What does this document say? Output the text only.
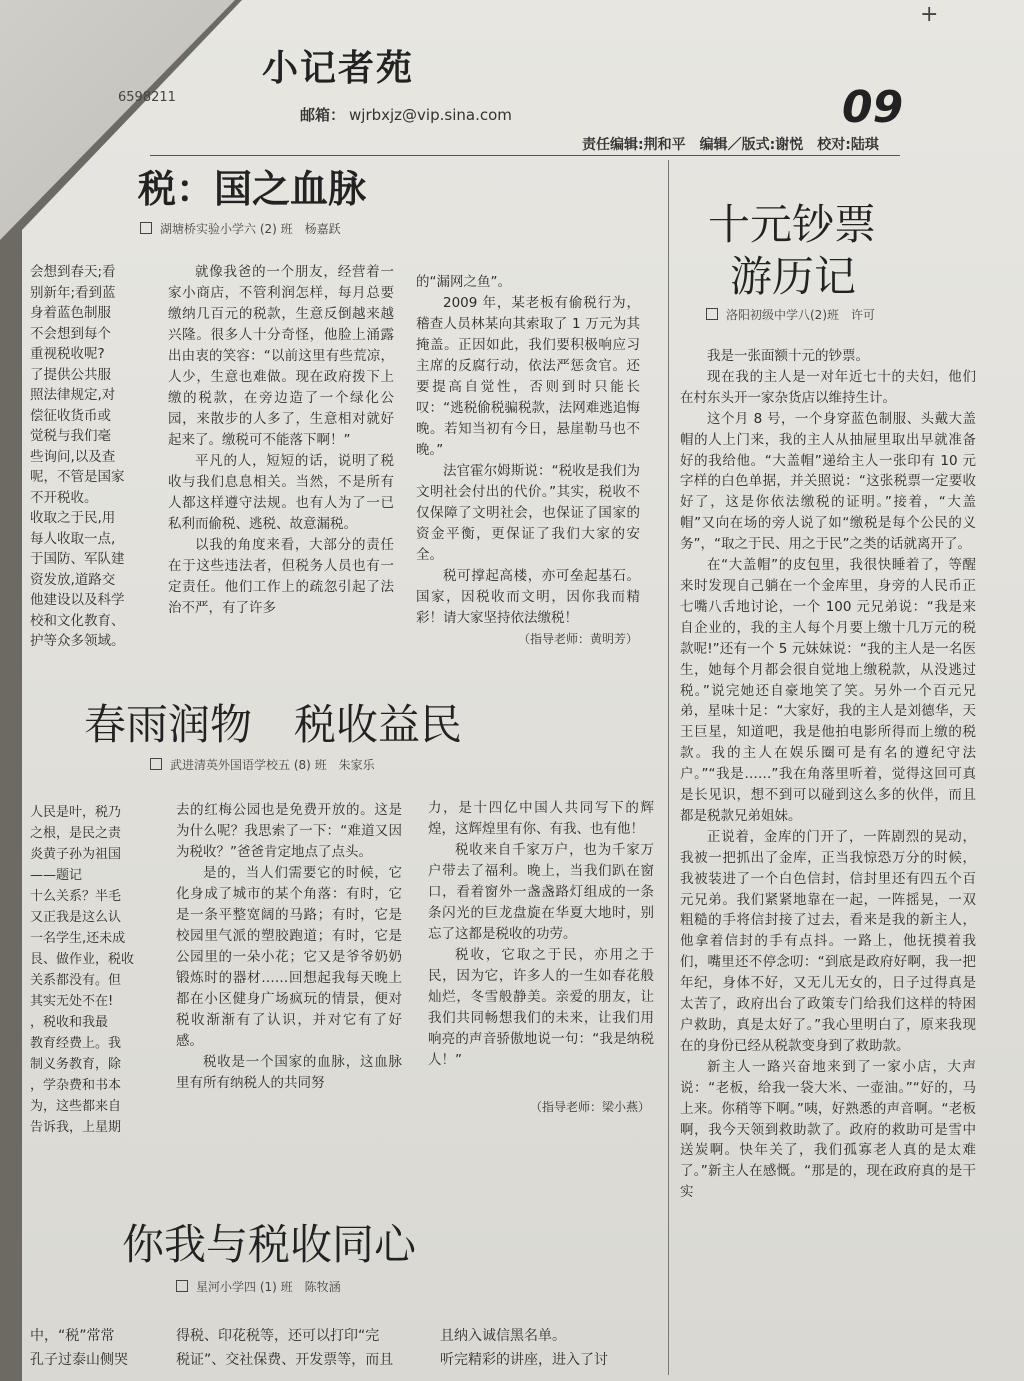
+
小记者苑
6598211
邮箱： wjrbxjz@vip.sina.com	09
责任编辑:荆和平 编辑／版式:谢悦 校对:陆琪
税：国之血脉
湖塘桥实验小学六 (2) 班　杨嘉跃
会想到春天;看
别新年;看到蓝
身着蓝色制服
不会想到每个
重视税收呢?
了提供公共服
照法律规定,对
偿征收货币或
觉税与我们毫
些询问,以及查
呢，不管是国家
不开税收。
收取之于民,用
每人收取一点,
于国防、军队建
资发放,道路交
他建设以及科学
校和文化教育、
护等众多领域。

就像我爸的一个朋友，经营着一家小商店，不管利润怎样，每月总要缴纳几百元的税款，生意反倒越来越兴隆。很多人十分奇怪，他脸上涌露出由衷的笑容：“以前这里有些荒凉，人少，生意也难做。现在政府拨下上缴的税款，在旁边造了一个绿化公园，来散步的人多了，生意相对就好起来了。缴税可不能落下啊！”

平凡的人，短短的话，说明了税收与我们息息相关。当然，不是所有人都这样遵守法规。也有人为了一已私利而偷税、逃税、故意漏税。

以我的角度来看，大部分的责任在于这些违法者，但税务人员也有一定责任。他们工作上的疏忽引起了法治不严，有了许多

的“漏网之鱼”。

2009 年，某老板有偷税行为，稽查人员林某向其索取了 1 万元为其掩盖。正因如此，我们要积极响应习主席的反腐行动，依法严惩贪官。还要提高自觉性，否则到时只能长叹：“逃税偷税骗税款，法网难逃追悔晚。若知当初有今日，悬崖勒马也不晚。”

法官霍尔姆斯说：“税收是我们为文明社会付出的代价。”其实，税收不仅保障了文明社会，也保证了国家的资金平衡，更保证了我们大家的安全。

税可撑起高楼，亦可垒起基石。国家，因税收而文明，因你我而精彩！请大家坚持依法缴税！

（指导老师：黄明芳）
十元钞票
游历记
洛阳初级中学八(2)班　许可

我是一张面额十元的钞票。

现在我的主人是一对年近七十的夫妇，他们在村东头开一家杂货店以维持生计。

这个月 8 号，一个身穿蓝色制服、头戴大盖帽的人上门来，我的主人从抽屉里取出早就准备好的我给他。“大盖帽”递给主人一张印有 10 元字样的白色单据，并关照说：“这张税票一定要收好了，这是你依法缴税的证明。”接着，“大盖帽”又向在场的旁人说了如“缴税是每个公民的义务”，“取之于民、用之于民”之类的话就离开了。

在“大盖帽”的皮包里，我很快睡着了，等醒来时发现自己躺在一个金库里，身旁的人民币正七嘴八舌地讨论，一个 100 元兄弟说：“我是来自企业的，我的主人每个月要上缴十几万元的税款呢!”还有一个 5 元妹妹说：“我的主人是一名医生，她每个月都会很自觉地上缴税款，从没逃过税。”说完她还自豪地笑了笑。另外一个百元兄弟，星味十足：“大家好，我的主人是刘德华，天王巨星，知道吧，我是他拍电影所得而上缴的税款。我的主人在娱乐圈可是有名的遵纪守法户。”“我是……”我在角落里听着，觉得这回可真是长见识，想不到可以碰到这么多的伙伴，而且都是税款兄弟姐妹。

正说着，金库的门开了，一阵剧烈的晃动，我被一把抓出了金库，正当我惊恐万分的时候，我被装进了一个白色信封，信封里还有四五个百元兄弟。我们紧紧地靠在一起，一阵摇晃，一双粗糙的手将信封接了过去，看来是我的新主人，他拿着信封的手有点抖。一路上，他抚摸着我们，嘴里还不停念叨：“到底是政府好啊，我一把年纪，身体不好，又无儿无女的，日子过得真是太苦了，政府出台了政策专门给我们这样的特困户救助，真是太好了。”我心里明白了，原来我现在的身份已经从税款变身到了救助款。

新主人一路兴奋地来到了一家小店，大声说：“老板，给我一袋大米、一壶油。”“好的，马上来。你稍等下啊。”咦，好熟悉的声音啊。“老板啊，我今天领到救助款了。政府的救助可是雪中送炭啊。快年关了，我们孤寡老人真的是太难了。”新主人在感慨。“那是的，现在政府真的是干实

春雨润物　税收益民
武进清英外国语学校五 (8) 班　朱家乐
人民是叶，税乃
之根，是民之责
炎黄子孙为祖国
——题记
十么关系？半毛
又正我是这么认
一名学生,还未成
艮、做作业，税收
关系都没有。但
其实无处不在!
，税收和我最
教育经费上。我
制义务教育，除
，学杂费和书本
为，这些都来自
告诉我，上星期

去的红梅公园也是免费开放的。这是为什么呢？我思索了一下：“难道又因为税收？”爸爸肯定地点了点头。

是的，当人们需要它的时候，它化身成了城市的某个角落：有时，它是一条平整宽阔的马路；有时，它是校园里气派的塑胶跑道；有时，它是公园里的一朵小花；它又是爷爷奶奶锻炼时的器材……回想起我每天晚上都在小区健身广场疯玩的情景，便对税收渐渐有了认识，并对它有了好感。

税收是一个国家的血脉，这血脉里有所有纳税人的共同努

力，是十四亿中国人共同写下的辉煌，这辉煌里有你、有我、也有他！

税收来自千家万户，也为千家万户带去了福利。晚上，当我们趴在窗口，看着窗外一盏盏路灯组成的一条条闪光的巨龙盘旋在华夏大地时，别忘了这都是税收的功劳。

税收，它取之于民，亦用之于民，因为它，许多人的一生如春花般灿烂，冬雪般静美。亲爱的朋友，让我们共同畅想我们的未来，让我们用响亮的声音骄傲地说一句：“我是纳税人！”

（指导老师：梁小燕）
你我与税收同心
星河小学四 (1) 班　陈牧涵
中，“税”常常
孔子过泰山侧哭
得税、印花税等，还可以打印“完
税证”、交社保费、开发票等，而且
且纳入诚信黑名单。
听完精彩的讲座，进入了讨
